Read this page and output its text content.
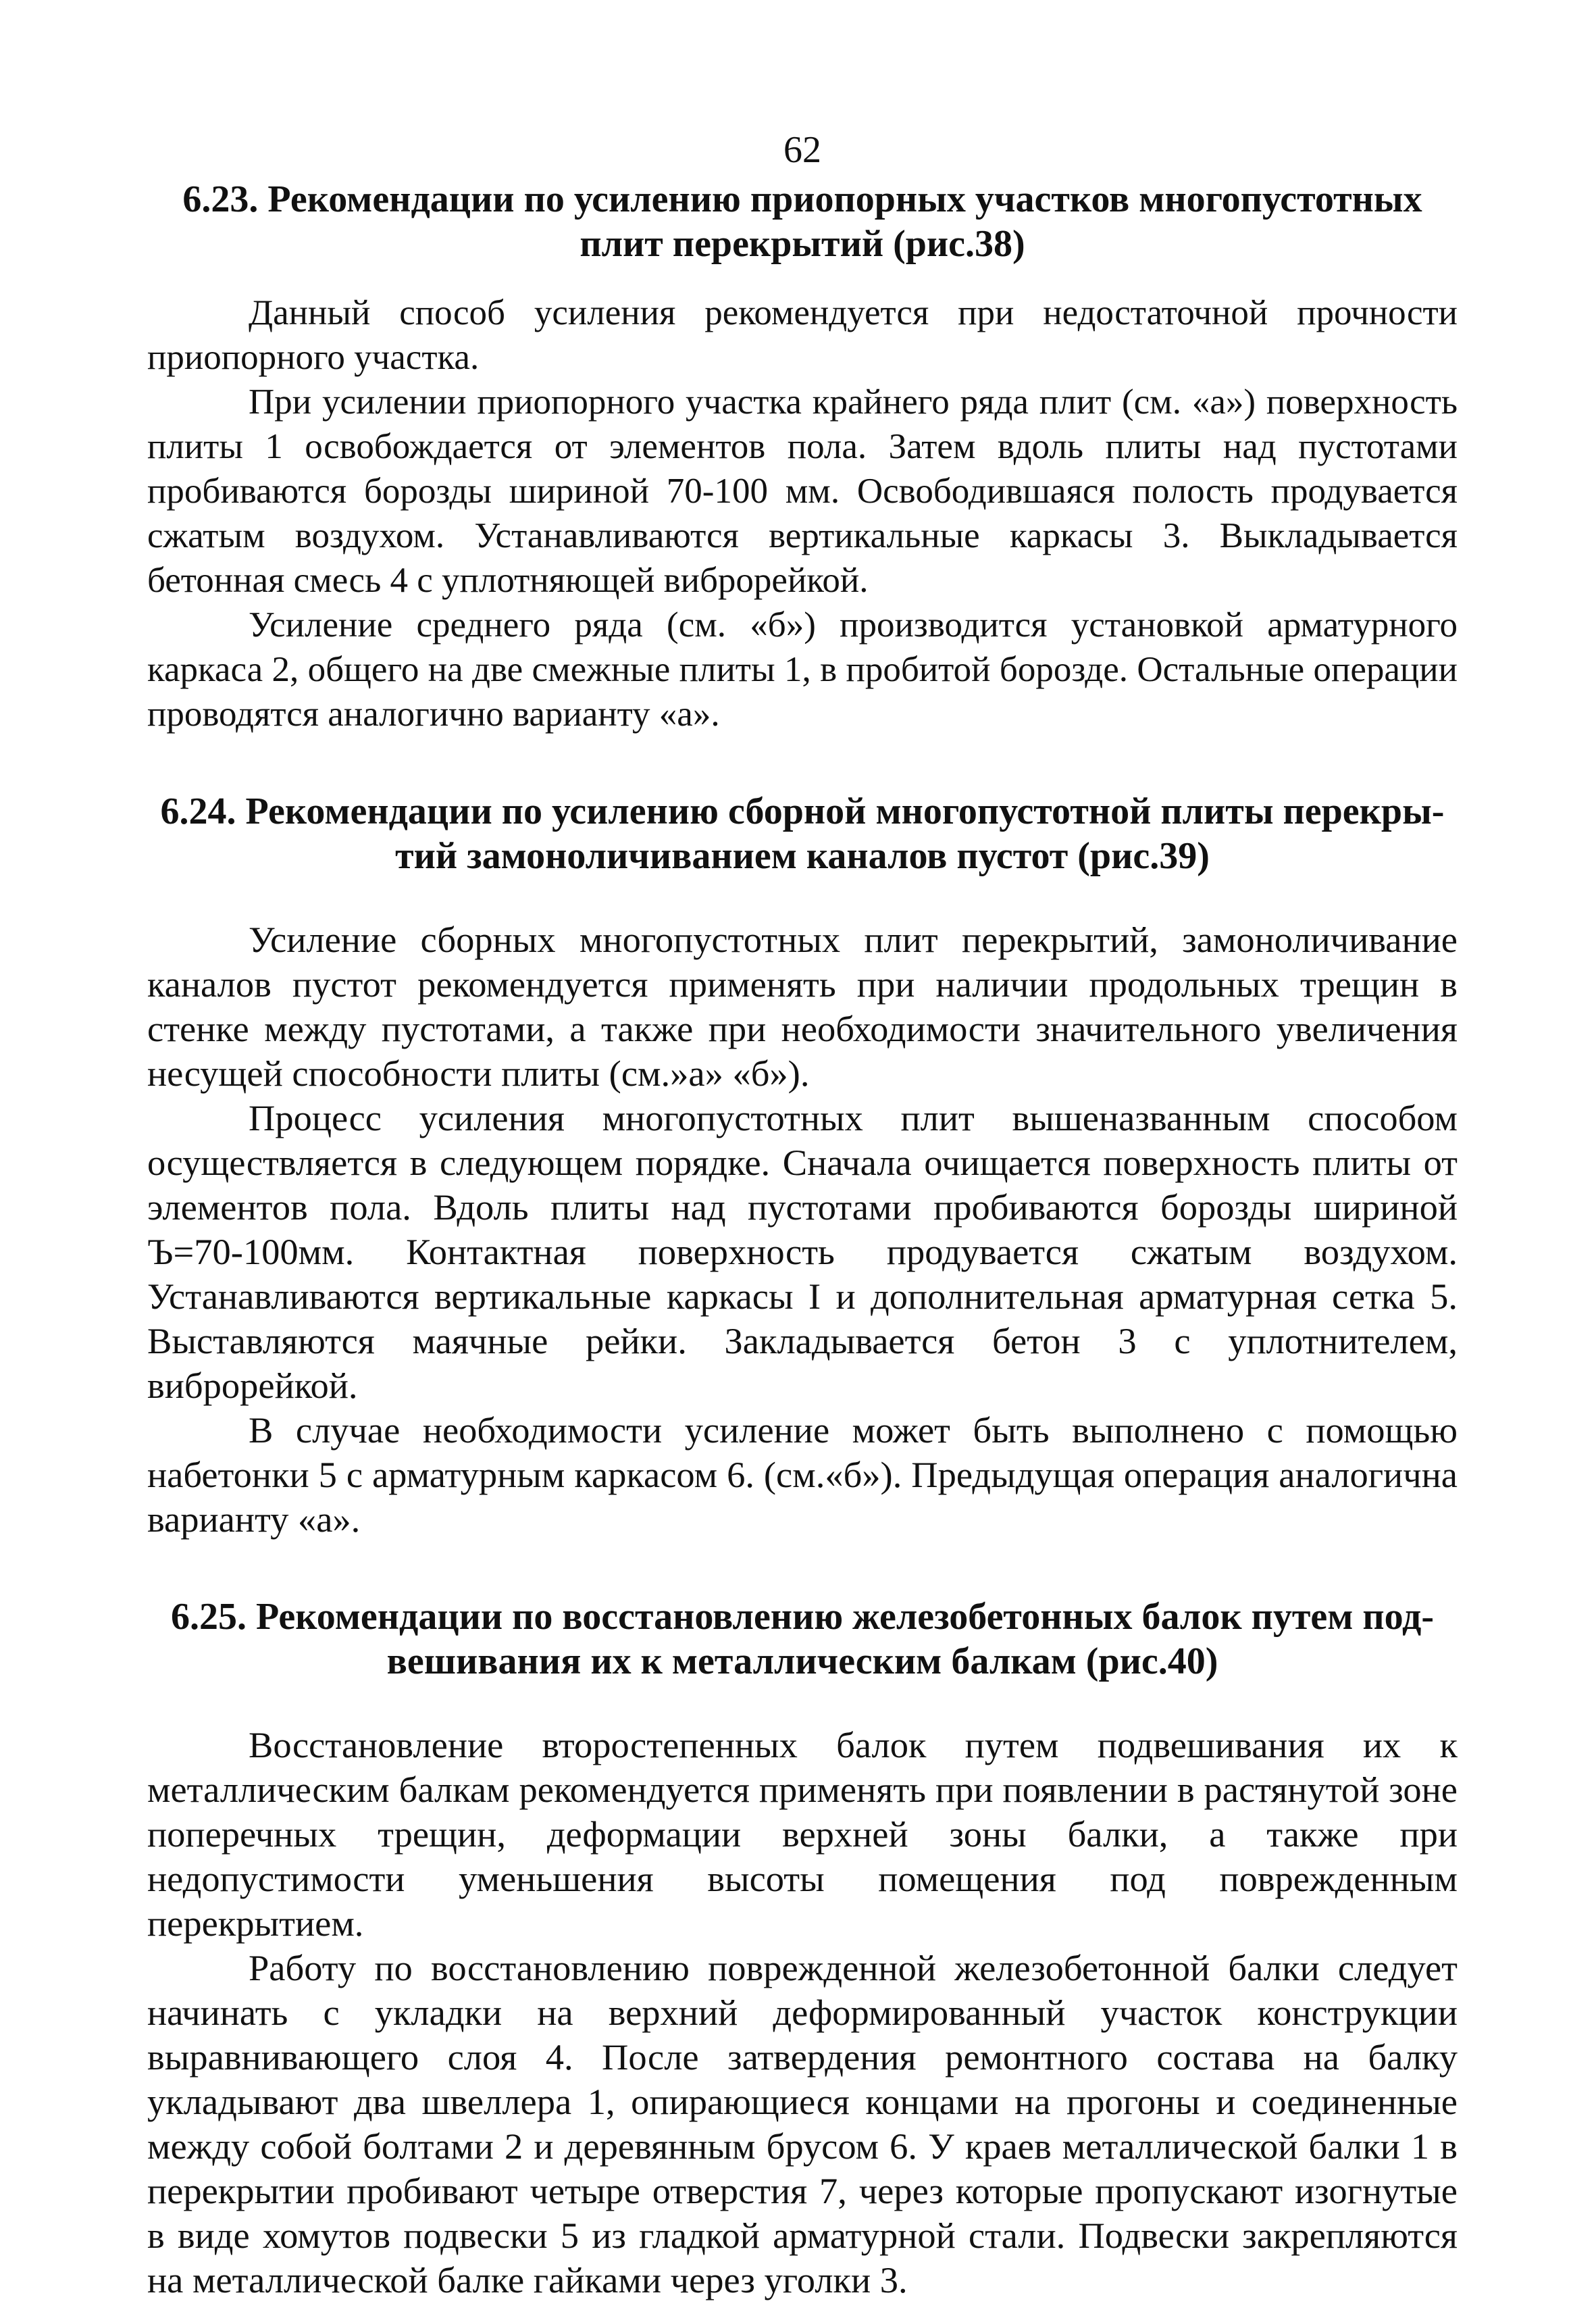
62
6.23. Рекомендации по усилению приопорных участков многопустотных
плит перекрытий (рис.38)

Данный способ усиления рекомендуется при недостаточной прочности приопорного участка.

При усилении приопорного участка крайнего ряда плит (см. «а») поверхность плиты 1 освобождается от элементов пола. Затем вдоль плиты над пустотами пробиваются борозды шириной 70-100 мм. Освободившаяся полость продувается сжатым воздухом. Устанавливаются вертикальные каркасы 3. Выкладывается бетонная смесь 4 с уплотняющей виброрейкой.

Усиление среднего ряда (см. «б») производится установкой арматурного каркаса 2, общего на две смежные плиты 1, в пробитой борозде. Остальные операции проводятся аналогично варианту «а».

6.24. Рекомендации по усилению сборной многопустотной плиты перекры-
тий замоноличиванием каналов пустот (рис.39)

Усиление сборных многопустотных плит перекрытий, замоноличивание каналов пустот рекомендуется применять при наличии продольных трещин в стенке между пустотами, а также при необходимости значительного увеличения несущей способности плиты (см.»а» «б»).

Процесс усиления многопустотных плит вышеназванным способом осуществляется в следующем порядке. Сначала очищается поверхность плиты от элементов пола. Вдоль плиты над пустотами пробиваются борозды шириной Ъ=70-100мм. Контактная поверхность продувается сжатым воздухом. Устанавливаются вертикальные каркасы I и дополнительная арматурная сетка 5. Выставляются маячные рейки. Закладывается бетон 3 с уплотнителем, виброрейкой.

В случае необходимости усиление может быть выполнено с помощью набетонки 5 с арматурным каркасом 6. (см.«б»). Предыдущая операция аналогична варианту «а».

6.25. Рекомендации по восстановлению железобетонных балок путем под-
вешивания их к металлическим балкам (рис.40)

Восстановление второстепенных балок путем подвешивания их к металлическим балкам рекомендуется применять при появлении в растянутой зоне поперечных трещин, деформации верхней зоны балки, а также при недопустимости уменьшения высоты помещения под поврежденным перекрытием.

Работу по восстановлению поврежденной железобетонной балки следует начинать с укладки на верхний деформированный участок конструкции выравнивающего слоя 4. После затвердения ремонтного состава на балку укладывают два швеллера 1, опирающиеся концами на прогоны и соединенные между собой болтами 2 и деревянным брусом 6. У краев металлической балки 1 в перекрытии пробивают четыре отверстия 7, через которые пропускают изогнутые в виде хомутов подвески 5 из гладкой арматурной стали. Подвески закрепляются на металлической балке гайками через уголки 3.
